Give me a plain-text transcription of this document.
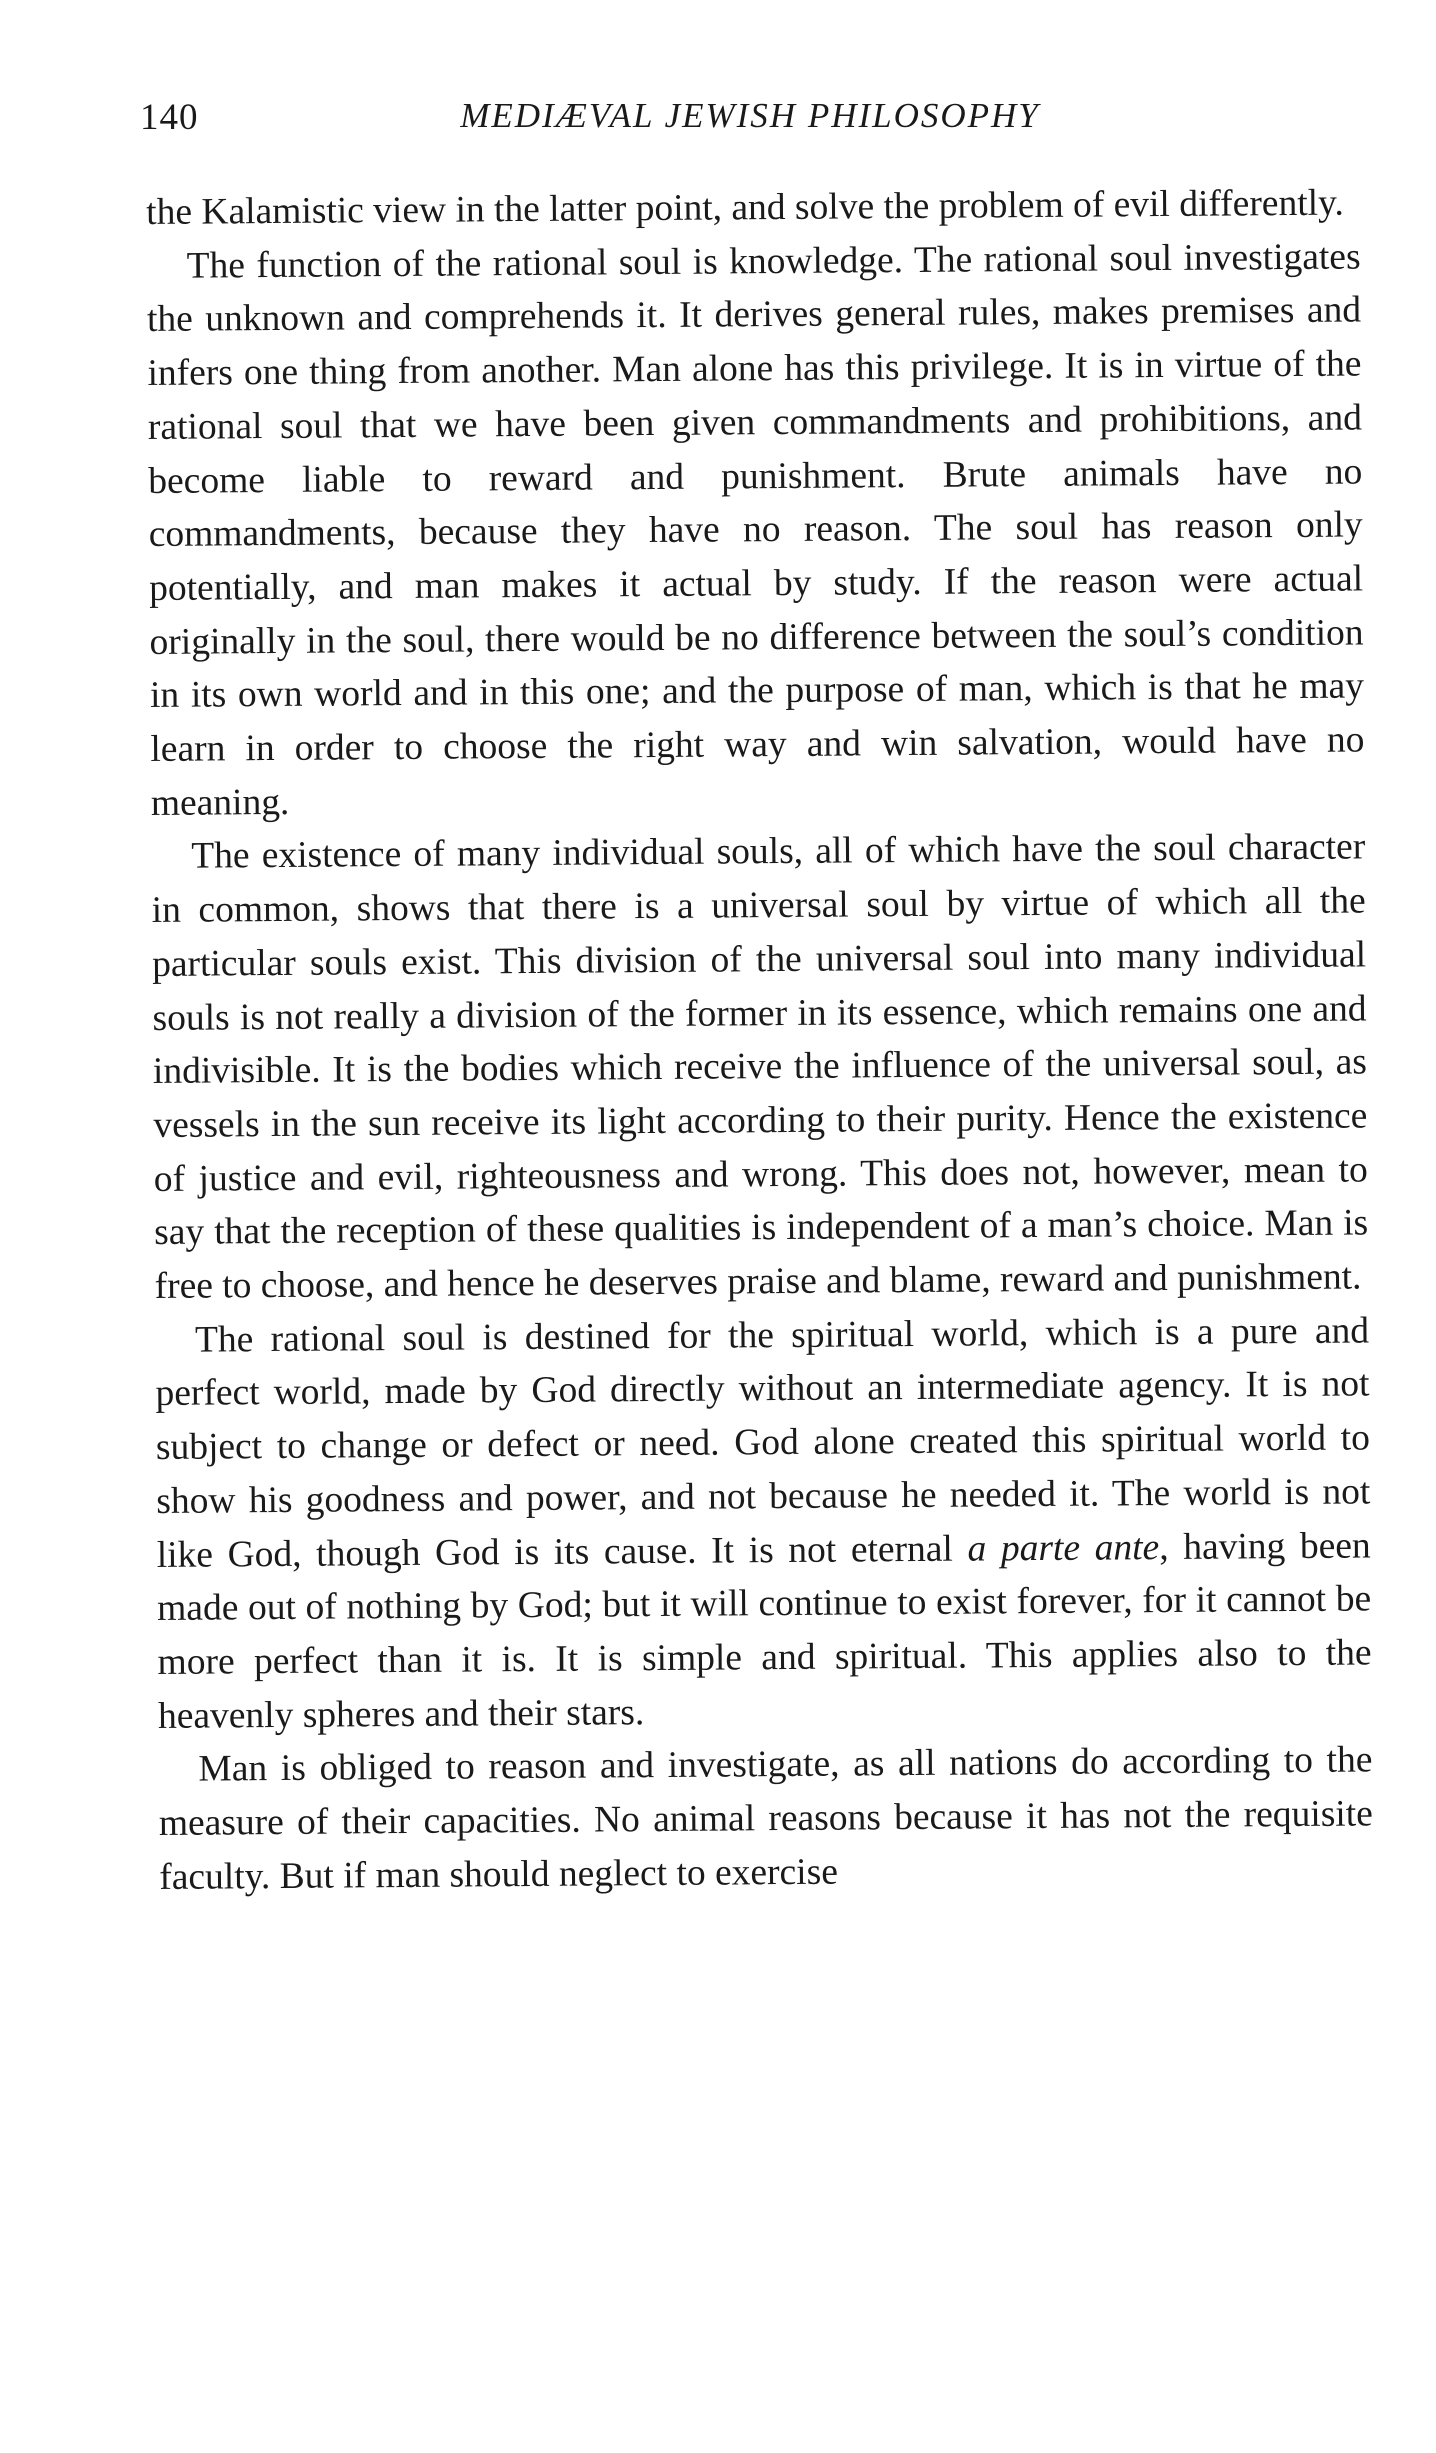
140	MEDIÆVAL JEWISH PHILOSOPHY

the Kalamistic view in the latter point, and solve the problem of evil differently.

The function of the rational soul is knowledge. The rational soul investigates the unknown and comprehends it. It derives general rules, makes premises and infers one thing from another. Man alone has this privilege. It is in virtue of the rational soul that we have been given commandments and prohibitions, and become liable to reward and punishment. Brute animals have no commandments, because they have no reason. The soul has reason only potentially, and man makes it actual by study. If the reason were actual originally in the soul, there would be no difference between the soul’s condition in its own world and in this one; and the purpose of man, which is that he may learn in order to choose the right way and win salvation, would have no meaning.

The existence of many individual souls, all of which have the soul character in common, shows that there is a universal soul by virtue of which all the particular souls exist. This division of the universal soul into many individual souls is not really a division of the former in its essence, which remains one and indivisible. It is the bodies which receive the influence of the universal soul, as vessels in the sun receive its light according to their purity. Hence the existence of justice and evil, righteousness and wrong. This does not, however, mean to say that the reception of these qualities is independent of a man’s choice. Man is free to choose, and hence he deserves praise and blame, reward and punishment.

The rational soul is destined for the spiritual world, which is a pure and perfect world, made by God directly without an intermediate agency. It is not subject to change or defect or need. God alone created this spiritual world to show his goodness and power, and not because he needed it. The world is not like God, though God is its cause. It is not eternal a parte ante, having been made out of nothing by God; but it will continue to exist forever, for it cannot be more perfect than it is. It is simple and spiritual. This applies also to the heavenly spheres and their stars.

Man is obliged to reason and investigate, as all nations do according to the measure of their capacities. No animal reasons because it has not the requisite faculty. But if man should neglect to exercise
